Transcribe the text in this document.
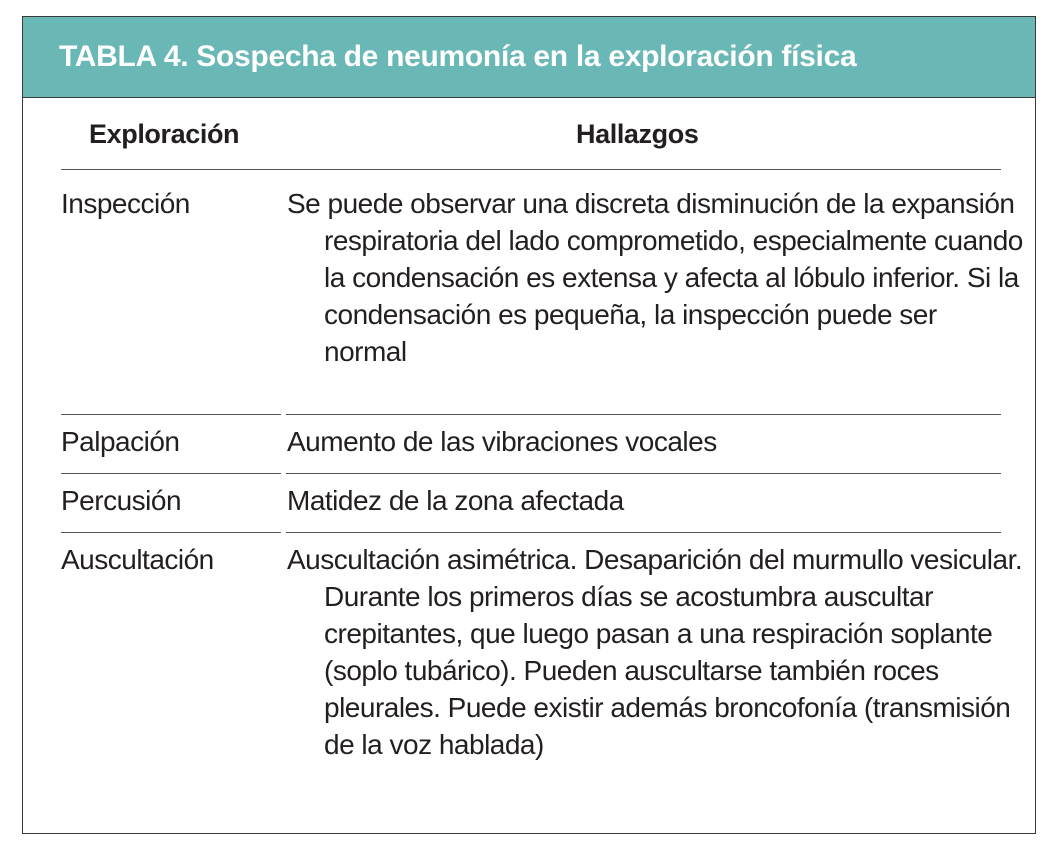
TABLA 4. Sospecha de neumonía en la exploración física
Exploración	Hallazgos
Inspección	Se puede observar una discreta disminución de la expansión respiratoria del lado comprometido, especialmente cuando la condensación es extensa y afecta al lóbulo inferior. Si la condensación es pequeña, la inspección puede ser normal
Palpación	Aumento de las vibraciones vocales
Percusión	Matidez de la zona afectada
Auscultación	Auscultación asimétrica. Desaparición del murmullo vesicular. Durante los primeros días se acostumbra auscultar crepitantes, que luego pasan a una respiración soplante (soplo tubárico). Pueden auscultarse también roces pleurales. Puede existir además broncofonía (transmisión de la voz hablada)
